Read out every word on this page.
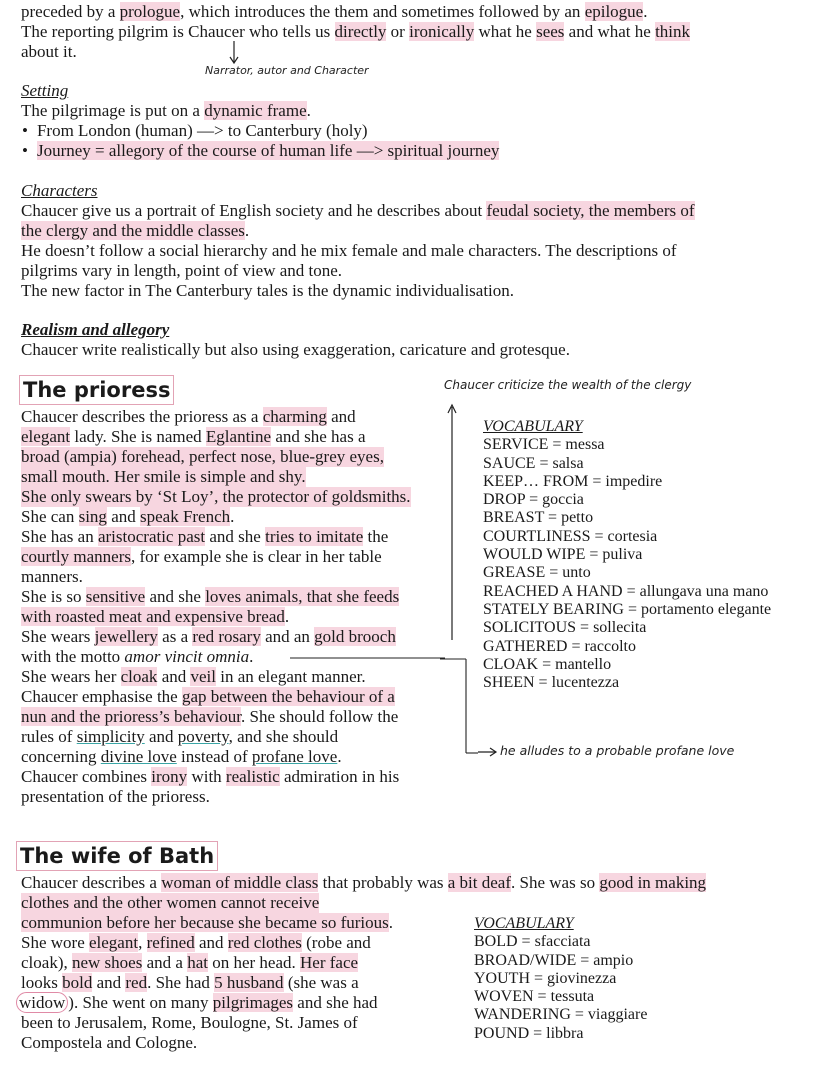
preceded by a prologue, which introduces the them and sometimes followed by an epilogue.
The reporting pilgrim is Chaucer who tells us directly or ironically what he sees and what he think
about it.
Narrator, autor and Character
Setting
The pilgrimage is put on a dynamic frame.
• From London (human) —> to Canterbury (holy)
• Journey = allegory of the course of human life —> spiritual journey
Characters
Chaucer give us a portrait of English society and he describes about feudal society, the members of
the clergy and the middle classes.
He doesn’t follow a social hierarchy and he mix female and male characters. The descriptions of
pilgrims vary in length, point of view and tone.
The new factor in The Canterbury tales is the dynamic individualisation.
Realism and allegory
Chaucer write realistically but also using exaggeration, caricature and grotesque.
The prioress	Chaucer criticize the wealth of the clergy
Chaucer describes the prioress as a charming and
elegant lady. She is named Eglantine and she has a
broad (ampia) forehead, perfect nose, blue-grey eyes,
small mouth. Her smile is simple and shy.
She only swears by ‘St Loy’, the protector of goldsmiths.
She can sing and speak French.
She has an aristocratic past and she tries to imitate the
courtly manners, for example she is clear in her table
manners.
She is so sensitive and she loves animals, that she feeds
with roasted meat and expensive bread.
She wears jewellery as a red rosary and an gold brooch
with the motto amor vincit omnia.
She wears her cloak and veil in an elegant manner.
Chaucer emphasise the gap between the behaviour of a
nun and the prioress’s behaviour. She should follow the
rules of simplicity and poverty, and she should
concerning divine love instead of profane love.
Chaucer combines irony with realistic admiration in his
presentation of the prioress.
he alludes to a probable profane love
VOCABULARY
SERVICE = messa
SAUCE = salsa
KEEP… FROM = impedire
DROP = goccia
BREAST = petto
COURTLINESS = cortesia
WOULD WIPE = puliva
GREASE = unto
REACHED A HAND = allungava una mano
STATELY BEARING = portamento elegante
SOLICITOUS = sollecita
GATHERED = raccolto
CLOAK = mantello
SHEEN = lucentezza
The wife of Bath
Chaucer describes a woman of middle class that probably was a bit deaf. She was so good in making
clothes and the other women cannot receive
communion before her because she became so furious.
She wore elegant, refined and red clothes (robe and
cloak), new shoes and a hat on her head. Her face
looks bold and red. She had 5 husband (she was a
widow ). She went on many pilgrimages and she had
been to Jerusalem, Rome, Boulogne, St. James of
Compostela and Cologne.
VOCABULARY
BOLD = sfacciata
BROAD/WIDE = ampio
YOUTH = giovinezza
WOVEN = tessuta
WANDERING = viaggiare
POUND = libbra
